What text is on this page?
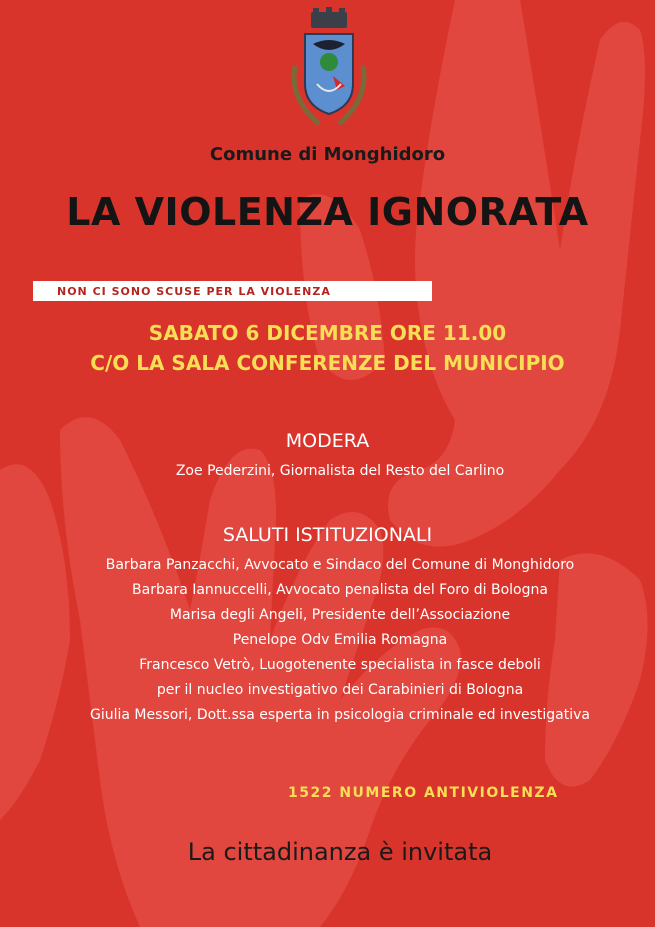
Comune di Monghidoro
LA VIOLENZA IGNORATA
NON CI SONO SCUSE PER LA VIOLENZA
SABATO 6 DICEMBRE ORE 11.00
C/O LA SALA CONFERENZE DEL MUNICIPIO
MODERA
Zoe Pederzini, Giornalista del Resto del Carlino
SALUTI ISTITUZIONALI
Barbara Panzacchi, Avvocato e Sindaco del Comune di Monghidoro
Barbara Iannuccelli, Avvocato penalista del Foro di Bologna
Marisa degli Angeli, Presidente dell’Associazione
Penelope Odv Emilia Romagna
Francesco Vetrò, Luogotenente specialista in fasce deboli
per il nucleo investigativo dei Carabinieri di Bologna
Giulia Messori, Dott.ssa esperta in psicologia criminale ed investigativa
1522 NUMERO ANTIVIOLENZA
La cittadinanza è invitata
